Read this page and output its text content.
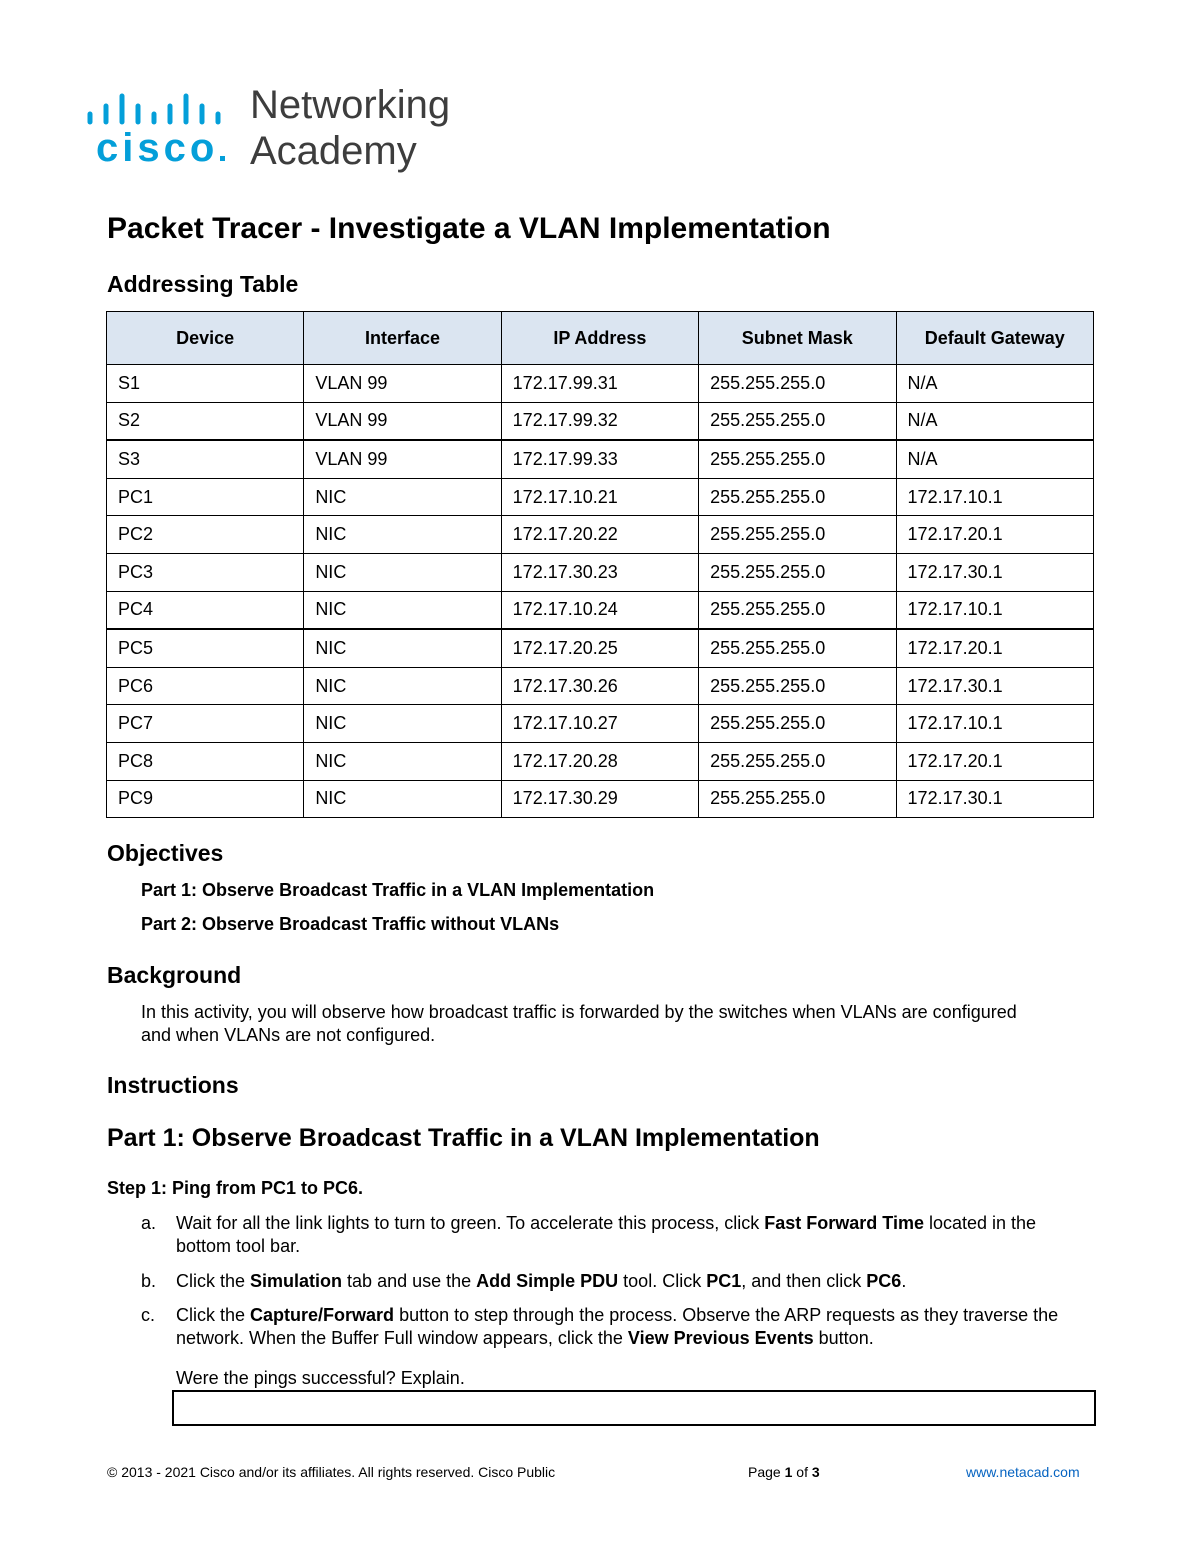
cisco
Networking
Academy
Packet Tracer - Investigate a VLAN Implementation
Addressing Table
Device	Interface	IP Address	Subnet Mask	Default Gateway
S1	VLAN 99	172.17.99.31	255.255.255.0	N/A
S2	VLAN 99	172.17.99.32	255.255.255.0	N/A
S3	VLAN 99	172.17.99.33	255.255.255.0	N/A
PC1	NIC	172.17.10.21	255.255.255.0	172.17.10.1
PC2	NIC	172.17.20.22	255.255.255.0	172.17.20.1
PC3	NIC	172.17.30.23	255.255.255.0	172.17.30.1
PC4	NIC	172.17.10.24	255.255.255.0	172.17.10.1
PC5	NIC	172.17.20.25	255.255.255.0	172.17.20.1
PC6	NIC	172.17.30.26	255.255.255.0	172.17.30.1
PC7	NIC	172.17.10.27	255.255.255.0	172.17.10.1
PC8	NIC	172.17.20.28	255.255.255.0	172.17.20.1
PC9	NIC	172.17.30.29	255.255.255.0	172.17.30.1
Objectives
Part 1: Observe Broadcast Traffic in a VLAN Implementation
Part 2: Observe Broadcast Traffic without VLANs
Background
In this activity, you will observe how broadcast traffic is forwarded by the switches when VLANs are configured and when VLANs are not configured.
Instructions
Part 1: Observe Broadcast Traffic in a VLAN Implementation
Step 1: Ping from PC1 to PC6.
a. Wait for all the link lights to turn to green. To accelerate this process, click Fast Forward Time located in the bottom tool bar.
b. Click the Simulation tab and use the Add Simple PDU tool. Click PC1, and then click PC6.
c. Click the Capture/Forward button to step through the process. Observe the ARP requests as they traverse the network. When the Buffer Full window appears, click the View Previous Events button.
Were the pings successful? Explain.
© 2013 - 2021 Cisco and/or its affiliates. All rights reserved. Cisco Public	Page 1 of 3	www.netacad.com
